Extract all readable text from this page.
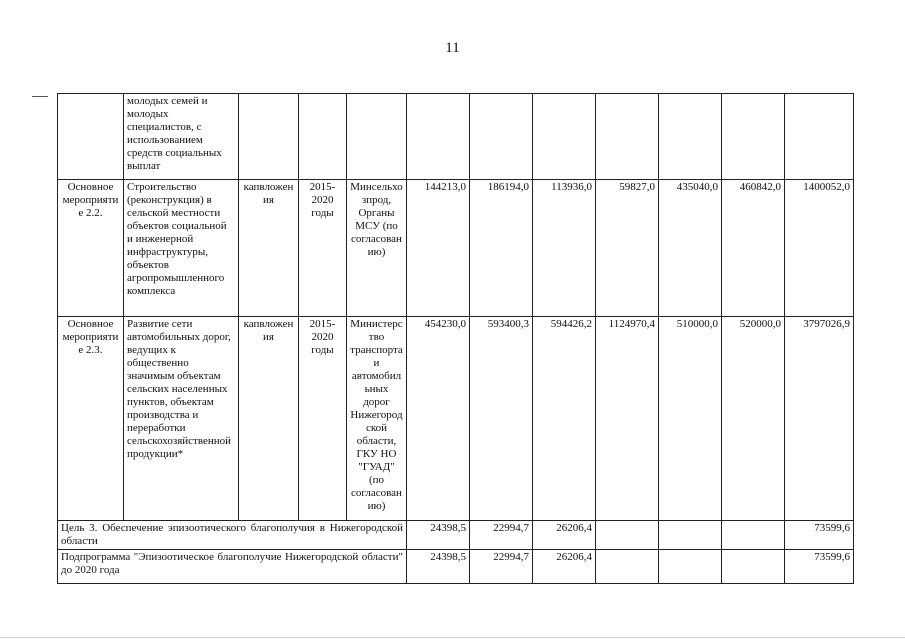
11
	молодых семей и молодых специалистов, с использованием средств социальных выплат										
Основное мероприятие 2.2.	Строительство (реконструкция) в сельской местности объектов социальной и инженерной инфраструктуры, объектов агропромышленного комплекса	капвложения	2015-2020 годы	Минсельхозпрод, Органы МСУ (по согласованию)	144213,0	186194,0	113936,0	59827,0	435040,0	460842,0	1400052,0
Основное мероприятие 2.3.	Развитие сети автомобильных дорог, ведущих к общественно значимым объектам сельских населенных пунктов, объектам производства и переработки сельскохозяйственной продукции*	капвложения	2015-2020 годы	Министерство транспорта и автомобильных дорог Нижегородской области, ГКУ НО "ГУАД" (по согласованию)	454230,0	593400,3	594426,2	1124970,4	510000,0	520000,0	3797026,9
Цель 3. Обеспечение эпизоотического благополучия в Нижегородской области					24398,5	22994,7	26206,4				73599,6
Подпрограмма "Эпизоотическое благополучие Нижегородской области" до 2020 года					24398,5	22994,7	26206,4				73599,6
